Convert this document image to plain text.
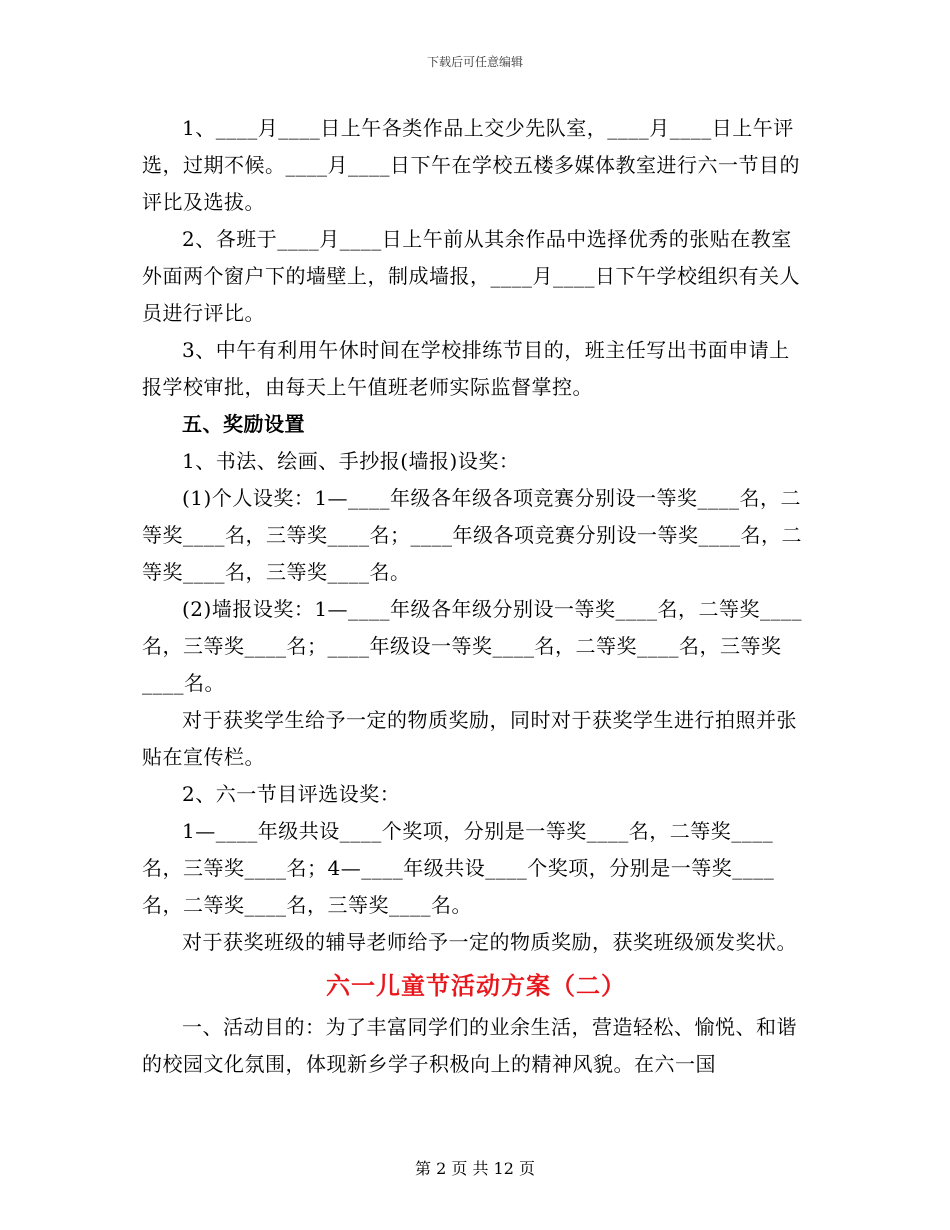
下载后可任意编辑

1、____月____日上午各类作品上交少先队室，____月____日上午评选，过期不候。____月____日下午在学校五楼多媒体教室进行六一节目的评比及选拔。

2、各班于____月____日上午前从其余作品中选择优秀的张贴在教室外面两个窗户下的墙壁上，制成墙报，____月____日下午学校组织有关人员进行评比。

3、中午有利用午休时间在学校排练节目的，班主任写出书面申请上报学校审批，由每天上午值班老师实际监督掌控。

五、奖励设置

1、书法、绘画、手抄报(墙报)设奖：

(1)个人设奖：1—____年级各年级各项竞赛分别设一等奖____名，二等奖____名，三等奖____名；____年级各项竞赛分别设一等奖____名，二等奖____名，三等奖____名。

(2)墙报设奖：1—____年级各年级分别设一等奖____名，二等奖____名，三等奖____名；____年级设一等奖____名，二等奖____名，三等奖____名。

对于获奖学生给予一定的物质奖励，同时对于获奖学生进行拍照并张贴在宣传栏。

2、六一节目评选设奖：

1—____年级共设____个奖项，分别是一等奖____名，二等奖____名，三等奖____名；4—____年级共设____个奖项，分别是一等奖____名，二等奖____名，三等奖____名。

对于获奖班级的辅导老师给予一定的物质奖励，获奖班级颁发奖状。

六一儿童节活动方案（二）

一、活动目的：为了丰富同学们的业余生活，营造轻松、愉悦、和谐的校园文化氛围，体现新乡学子积极向上的精神风貌。在六一国

第 2 页 共 12 页
